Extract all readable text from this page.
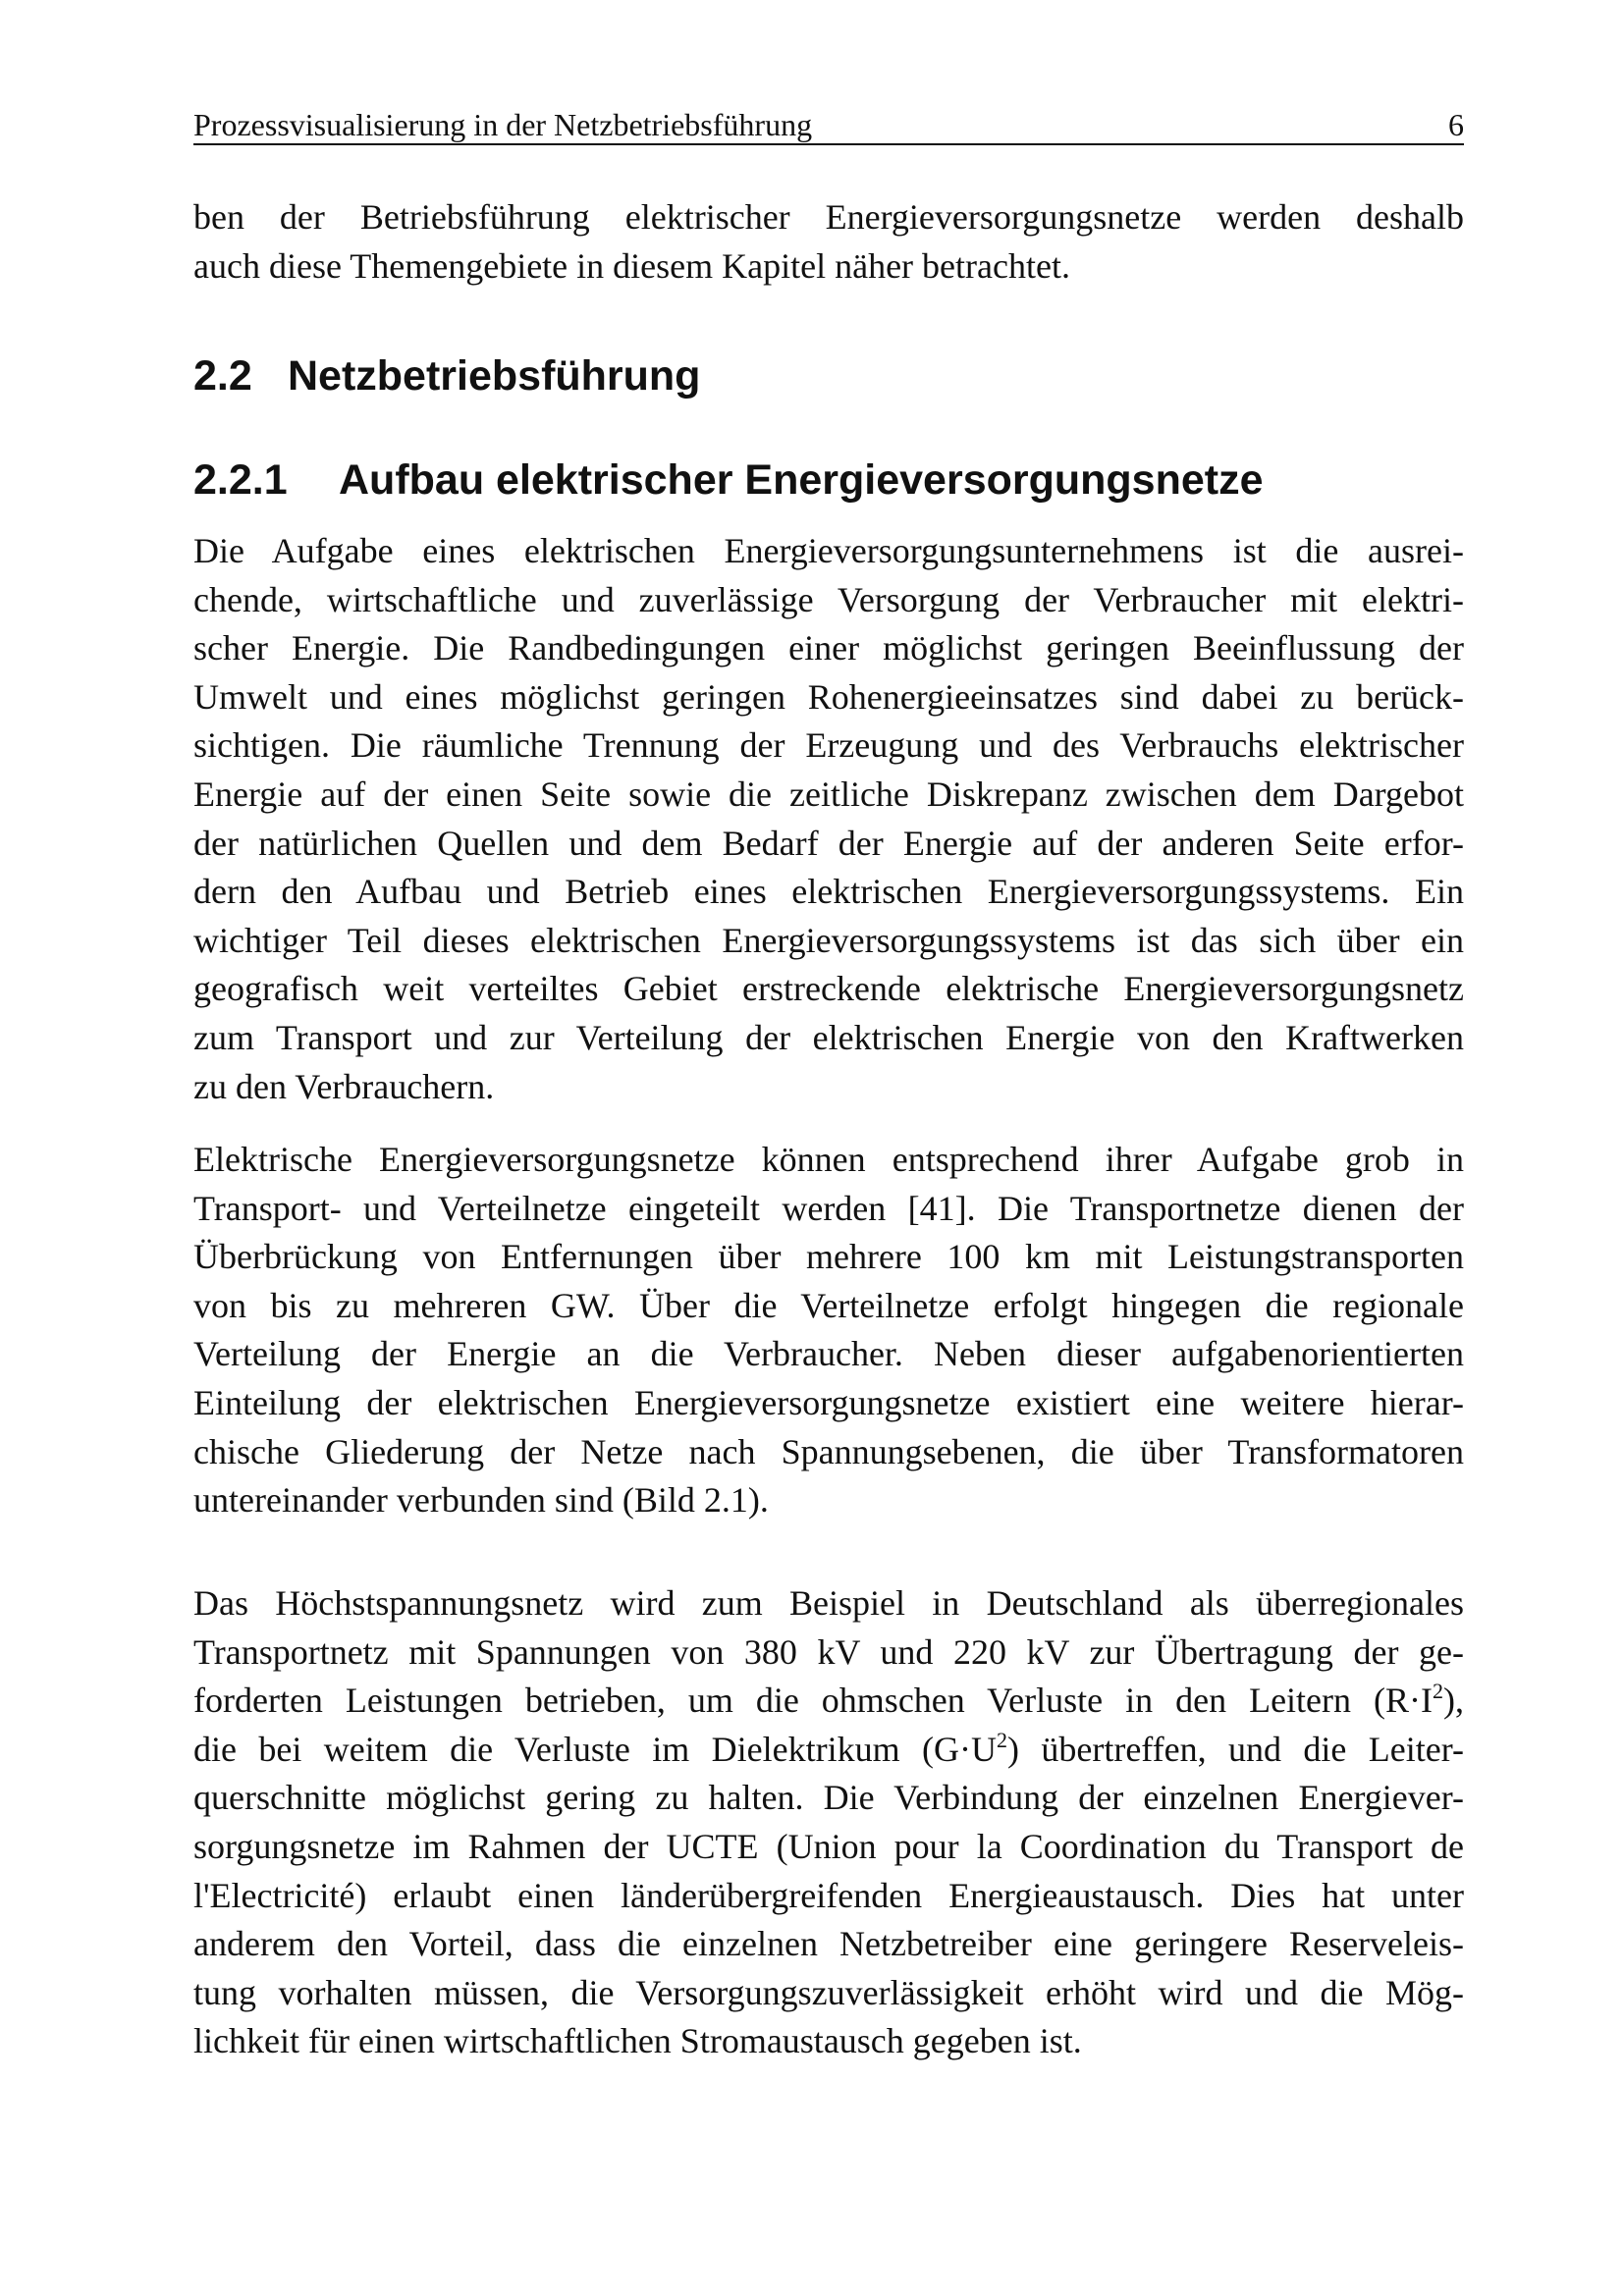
Prozessvisualisierung in der Netzbetriebsführung	6

ben der Betriebsführung elektrischer Energieversorgungsnetze werden deshalb
auch diese Themengebiete in diesem Kapitel näher betrachtet.

2.2 Netzbetriebsführung
2.2.1 Aufbau elektrischer Energieversorgungsnetze

Die Aufgabe eines elektrischen Energieversorgungsunternehmens ist die ausrei-
chende, wirtschaftliche und zuverlässige Versorgung der Verbraucher mit elektri-
scher Energie. Die Randbedingungen einer möglichst geringen Beeinflussung der
Umwelt und eines möglichst geringen Rohenergieeinsatzes sind dabei zu berück-
sichtigen. Die räumliche Trennung der Erzeugung und des Verbrauchs elektrischer
Energie auf der einen Seite sowie die zeitliche Diskrepanz zwischen dem Dargebot
der natürlichen Quellen und dem Bedarf der Energie auf der anderen Seite erfor-
dern den Aufbau und Betrieb eines elektrischen Energieversorgungssystems. Ein
wichtiger Teil dieses elektrischen Energieversorgungssystems ist das sich über ein
geografisch weit verteiltes Gebiet erstreckende elektrische Energieversorgungsnetz
zum Transport und zur Verteilung der elektrischen Energie von den Kraftwerken
zu den Verbrauchern.

Elektrische Energieversorgungsnetze können entsprechend ihrer Aufgabe grob in
Transport- und Verteilnetze eingeteilt werden [41]. Die Transportnetze dienen der
Überbrückung von Entfernungen über mehrere 100 km mit Leistungstransporten
von bis zu mehreren GW. Über die Verteilnetze erfolgt hingegen die regionale
Verteilung der Energie an die Verbraucher. Neben dieser aufgabenorientierten
Einteilung der elektrischen Energieversorgungsnetze existiert eine weitere hierar-
chische Gliederung der Netze nach Spannungsebenen, die über Transformatoren
untereinander verbunden sind (Bild 2.1).

Das Höchstspannungsnetz wird zum Beispiel in Deutschland als überregionales
Transportnetz mit Spannungen von 380 kV und 220 kV zur Übertragung der ge-
forderten Leistungen betrieben, um die ohmschen Verluste in den Leitern $(R\cdot I^2)$,
die bei weitem die Verluste im Dielektrikum $(G\cdot U^2)$ übertreffen, und die Leiter-
querschnitte möglichst gering zu halten. Die Verbindung der einzelnen Energiever-
sorgungsnetze im Rahmen der UCTE (Union pour la Coordination du Transport de
l'Electricité) erlaubt einen länderübergreifenden Energieaustausch. Dies hat unter
anderem den Vorteil, dass die einzelnen Netzbetreiber eine geringere Reserveleis-
tung vorhalten müssen, die Versorgungszuverlässigkeit erhöht wird und die Mög-
lichkeit für einen wirtschaftlichen Stromaustausch gegeben ist.
